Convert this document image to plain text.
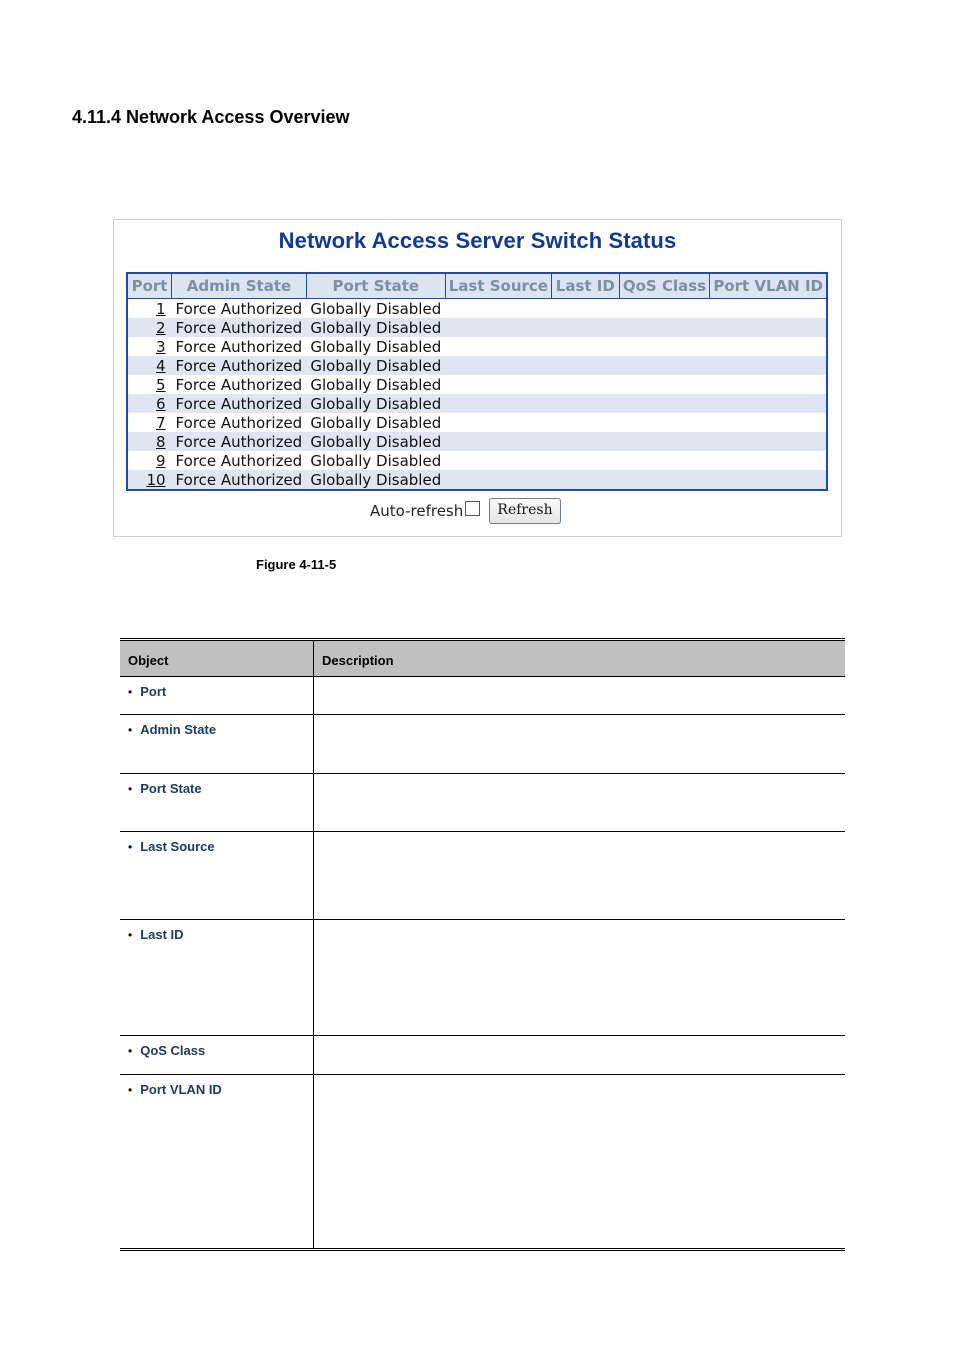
4.11.4 Network Access Overview
Network Access Server Switch Status
Port	Admin State	Port State	Last Source	Last ID	QoS Class	Port VLAN ID
1	Force Authorized	Globally Disabled				
2	Force Authorized	Globally Disabled				
3	Force Authorized	Globally Disabled				
4	Force Authorized	Globally Disabled				
5	Force Authorized	Globally Disabled				
6	Force Authorized	Globally Disabled				
7	Force Authorized	Globally Disabled				
8	Force Authorized	Globally Disabled				
9	Force Authorized	Globally Disabled				
10	Force Authorized	Globally Disabled				
Auto-refresh	Refresh
Figure 4-11-5
Object	Description
• Port	
• Admin State	
• Port State	
• Last Source	
• Last ID	
• QoS Class	
• Port VLAN ID	
